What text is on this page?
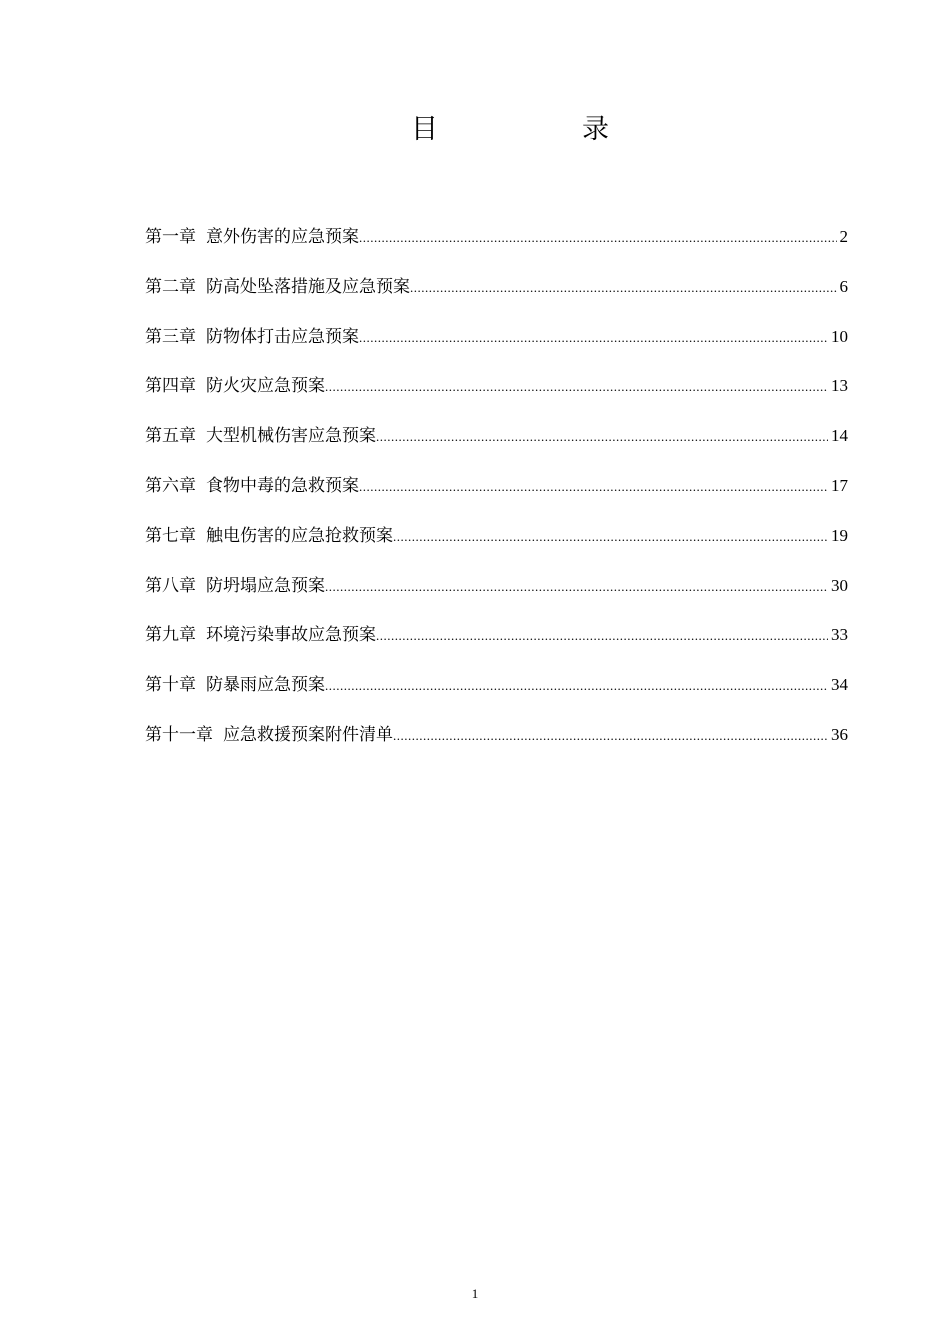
目	录
第一章 意外伤害的应急预案 .....	2
第二章 防高处坠落措施及应急预案 .....	6
第三章 防物体打击应急预案 .....	10
第四章 防火灾应急预案 .....	13
第五章 大型机械伤害应急预案 .....	14
第六章 食物中毒的急救预案 .....	17
第七章 触电伤害的应急抢救预案 .....	19
第八章 防坍塌应急预案 .....	30
第九章 环境污染事故应急预案 .....	33
第十章 防暴雨应急预案 .....	34
第十一章 应急救援预案附件清单 .....	36
1
